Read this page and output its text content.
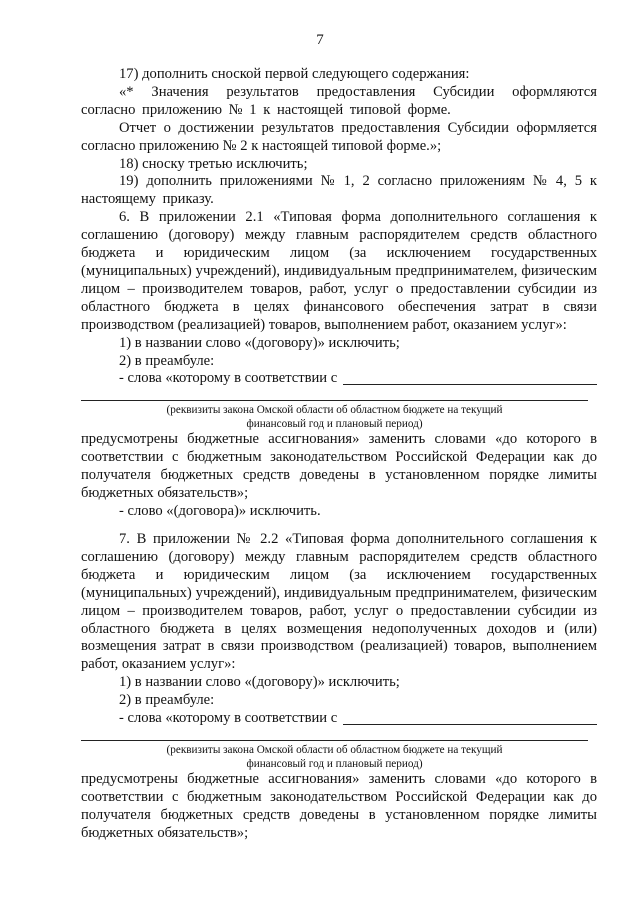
7

17) дополнить сноской первой следующего содержания:

«* Значения результатов предоставления Субсидии оформляются согласно приложению № 1 к настоящей типовой форме.

Отчет о достижении результатов предоставления Субсидии оформляется согласно приложению № 2 к настоящей типовой форме.»;

18) сноску третью исключить;

19) дополнить приложениями № 1, 2 согласно приложениям № 4, 5 к настоящему приказу.

6. В приложении 2.1 «Типовая форма дополнительного соглашения к соглашению (договору) между главным распорядителем средств областного бюджета и юридическим лицом (за исключением государственных (муниципальных) учреждений), индивидуальным предпринимателем, физическим лицом – производителем товаров, работ, услуг о предоставлении субсидии из областного бюджета в целях финансового обеспечения затрат в связи производством (реализацией) товаров, выполнением работ, оказанием услуг»:

1) в названии слово «(договору)» исключить;

2) в преамбуле:

- слова «которому в соответствии с
(реквизиты закона Омской области об областном бюджете на текущий
финансовый год и плановый период)

предусмотрены бюджетные ассигнования» заменить словами «до которого в соответствии с бюджетным законодательством Российской Федерации как до получателя бюджетных средств доведены в установленном порядке лимиты бюджетных обязательств»;

- слово «(договора)» исключить.

7. В приложении № 2.2 «Типовая форма дополнительного соглашения к соглашению (договору) между главным распорядителем средств областного бюджета и юридическим лицом (за исключением государственных (муниципальных) учреждений), индивидуальным предпринимателем, физическим лицом – производителем товаров, работ, услуг о предоставлении субсидии из областного бюджета в целях возмещения недополученных доходов и (или) возмещения затрат в связи производством (реализацией) товаров, выполнением работ, оказанием услуг»:

1) в названии слово «(договору)» исключить;

2) в преамбуле:

- слова «которому в соответствии с
(реквизиты закона Омской области об областном бюджете на текущий
финансовый год и плановый период)

предусмотрены бюджетные ассигнования» заменить словами «до которого в соответствии с бюджетным законодательством Российской Федерации как до получателя бюджетных средств доведены в установленном порядке лимиты бюджетных обязательств»;
